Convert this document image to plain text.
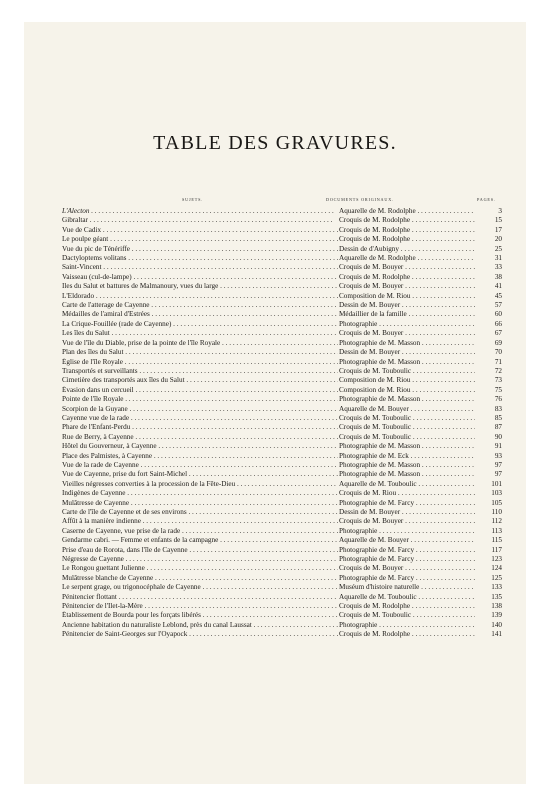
TABLE DES GRAVURES.
SUJETS.	DOCUMENTS ORIGINAUX.	PAGES.
L'Alecton . . .	Aquarelle de M. Rodolphe . . .	3
Gibraltar . . .	Croquis de M. Rodolphe . . .	15
Vue de Cadix . . .	Croquis de M. Rodolphe . . .	17
Le poulpe géant . . .	Croquis de M. Rodolphe . . .	20
Vue du pic de Ténériffe . . .	Dessin de d'Aubigny . . .	25
Dactyloptems volitans . . .	Aquarelle de M. Rodolphe . . .	31
Saint-Vincent . . .	Croquis de M. Bouyer . . .	33
Vaisseau (cul-de-lampe) . . .	Croquis de M. Rodolphe . . .	38
Iles du Salut et battures de Malmanoury, vues du large . . .	Croquis de M. Bouyer . . .	41
L'Eldorado . . .	Composition de M. Riou . . .	45
Carte de l'atterage de Cayenne . . .	Dessin de M. Bouyer . . .	57
Médailles de l'amiral d'Estrées . . .	Médaillier de la famille . . .	60
La Crique-Fouillée (rade de Cayenne) . . .	Photographie . . .	66
Les îles du Salut . . .	Croquis de M. Bouyer . . .	67
Vue de l'île du Diable, prise de la pointe de l'île Royale . . .	Photographie de M. Masson . . .	69
Plan des îles du Salut . . .	Dessin de M. Bouyer . . .	70
Église de l'île Royale . . .	Photographie de M. Masson . . .	71
Transportés et surveillants . . .	Croquis de M. Touboulic . . .	72
Cimetière des transportés aux îles du Salut . . .	Composition de M. Riou . . .	73
Évasion dans un cercueil . . .	Composition de M. Riou . . .	75
Pointe de l'île Royale . . .	Photographie de M. Masson . . .	76
Scorpion de la Guyane . . .	Aquarelle de M. Bouyer . . .	83
Cayenne vue de la rade . . .	Croquis de M. Touboulic . . .	85
Phare de l'Enfant-Perdu . . .	Croquis de M. Touboulic . . .	87
Rue de Berry, à Cayenne . . .	Croquis de M. Touboulic . . .	90
Hôtel du Gouverneur, à Cayenne . . .	Photographie de M. Masson . . .	91
Place des Palmistes, à Cayenne . . .	Photographie de M. Eck . . .	93
Vue de la rade de Cayenne . . .	Photographie de M. Masson . . .	97
Vue de Cayenne, prise du fort Saint-Michel . . .	Photographie de M. Masson . . .	97
Vieilles négresses converties à la procession de la Fête-Dieu . . .	Aquarelle de M. Touboulic . . .	101
Indigènes de Cayenne . . .	Croquis de M. Riou . . .	103
Mulâtresse de Cayenne . . .	Photographie de M. Farcy . . .	105
Carte de l'île de Cayenne et de ses environs . . .	Dessin de M. Bouyer . . .	110
Affût à la manière indienne . . .	Croquis de M. Bouyer . . .	112
Caserne de Cayenne, vue prise de la rade . . .	Photographie . . .	113
Gendarme cabri. — Femme et enfants de la campagne . . .	Aquarelle de M. Bouyer . . .	115
Prise d'eau de Rorota, dans l'île de Cayenne . . .	Photographie de M. Farcy . . .	117
Négresse de Cayenne . . .	Photographie de M. Farcy . . .	123
Le Rongou guettant Julienne . . .	Croquis de M. Bouyer . . .	124
Mulâtresse blanche de Cayenne . . .	Photographie de M. Farcy . . .	125
Le serpent grage, ou trigonocéphale de Cayenne . . .	Muséum d'histoire naturelle . . .	133
Pénitencier flottant . . .	Aquarelle de M. Touboulic . . .	135
Pénitencier de l'Ilet-la-Mère . . .	Croquis de M. Rodolphe . . .	138
Établissement de Bourda pour les forçats libérés . . .	Croquis de M. Touboulic . . .	139
Ancienne habitation du naturaliste Leblond, près du canal Laussat . . .	Photographie . . .	140
Pénitencier de Saint-Georges sur l'Oyapock . . .	Croquis de M. Rodolphe . . .	141
